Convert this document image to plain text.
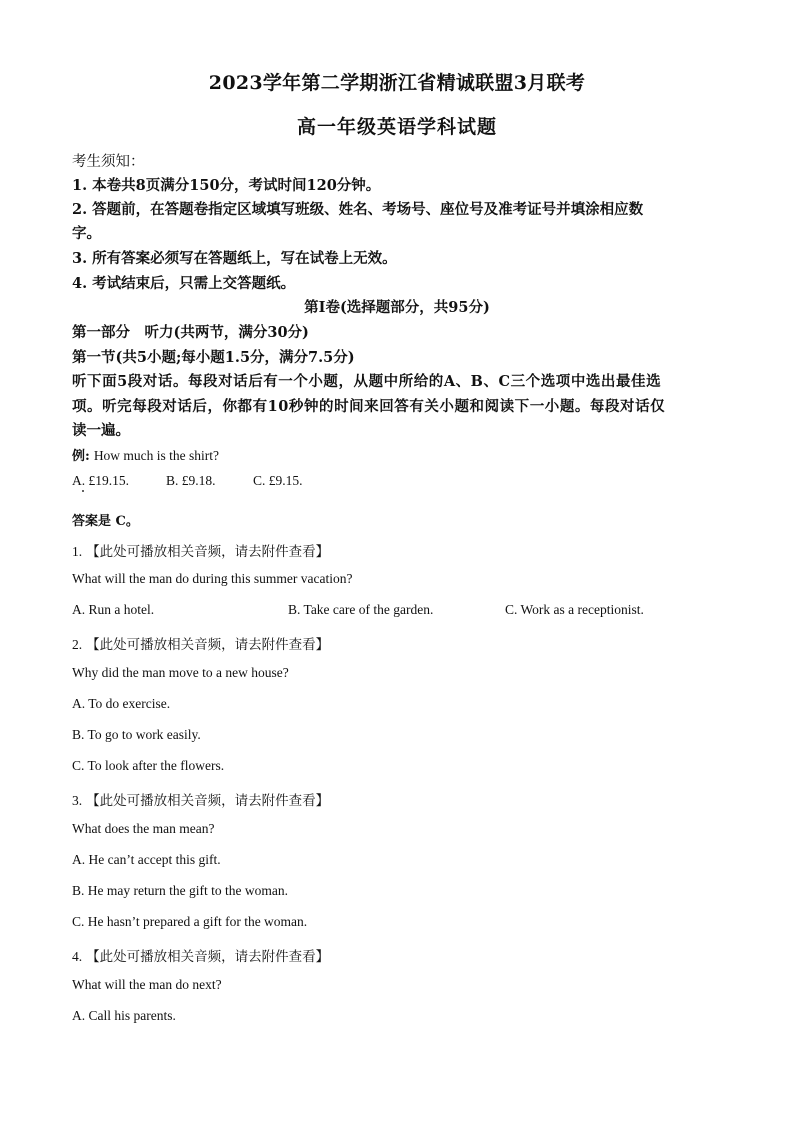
2023学年第二学期浙江省精诚联盟3月联考
高一年级英语学科试题
考生须知：
1. 本卷共8页满分150分，考试时间120分钟。
2. 答题前，在答题卷指定区域填写班级、姓名、考场号、座位号及准考证号并填涂相应数
字。
3. 所有答案必须写在答题纸上，写在试卷上无效。
4. 考试结束后，只需上交答题纸。
第I卷(选择题部分，共95分)
第一部分　听力(共两节，满分30分)
第一节(共5小题;每小题1.5分，满分7.5分)
听下面5段对话。每段对话后有一个小题，从题中所给的A、B、C三个选项中选出最佳选
项。听完每段对话后，你都有10秒钟的时间来回答有关小题和阅读下一小题。每段对话仅
读一遍。
例: How much is the shirt?
A. £19.15.	B. £9.18.	C. £9.15.
答案是 C。
1. 【此处可播放相关音频，请去附件查看】
What will the man do during this summer vacation?
A. Run a hotel.	B. Take care of the garden.	C. Work as a receptionist.
2. 【此处可播放相关音频，请去附件查看】
Why did the man move to a new house?
A. To do exercise.
B. To go to work easily.
C. To look after the flowers.
3. 【此处可播放相关音频，请去附件查看】
What does the man mean?
A. He can’t accept this gift.
B. He may return the gift to the woman.
C. He hasn’t prepared a gift for the woman.
4. 【此处可播放相关音频，请去附件查看】
What will the man do next?
A. Call his parents.
